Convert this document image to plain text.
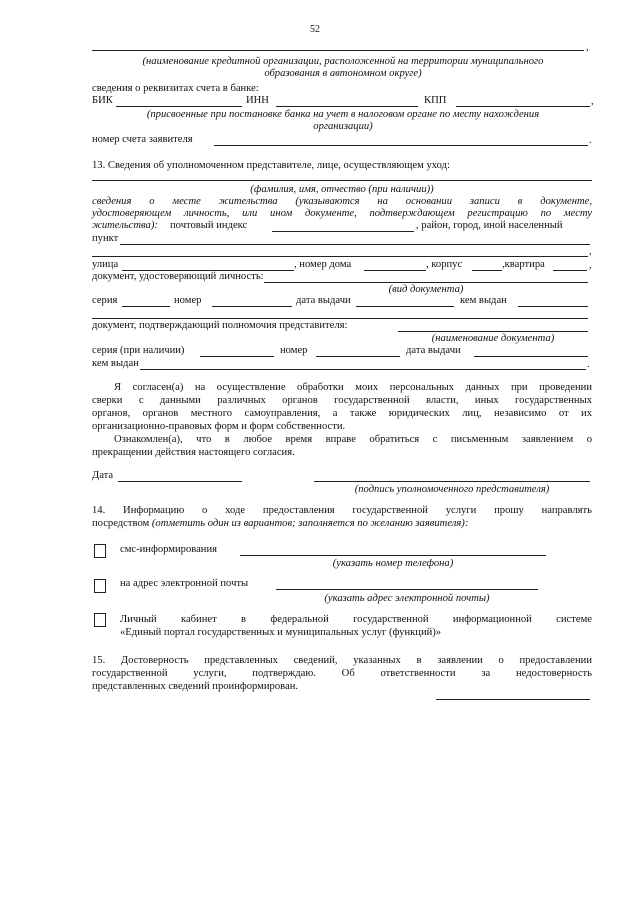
52
,
(наименование кредитной организации, расположенной на территории муниципального
образования в автономном округе)
сведения о реквизитах счета в банке:
БИК	ИНН	КПП	,
(присвоенные при постановке банка на учет в налоговом органе по месту нахождения
организации)
номер счета заявителя	.
13. Сведения об уполномоченном представителе, лице, осуществляющем уход:
(фамилия, имя, отчество (при наличии))
сведения о месте жительства (указываются на основании записи в документе,
удостоверяющем личность, или ином документе, подтверждающем регистрацию по месту
жительства): почтовый индекс	, район, город, иной населенный
пункт
,
улица	, номер дома	, корпус	,квартира	,
документ, удостоверяющий личность:
(вид документа)
серия	номер	дата выдачи	кем выдан
документ, подтверждающий полномочия представителя:
(наименование документа)
серия (при наличии)	номер	дата выдачи
кем выдан	.
Я согласен(а) на осуществление обработки моих персональных данных при проведении
сверки с данными различных органов государственной власти, иных государственных
органов, органов местного самоуправления, а также юридических лиц, независимо от их
организационно-правовых форм и форм собственности.
Ознакомлен(а), что в любое время вправе обратиться с письменным заявлением о
прекращении действия настоящего согласия.
Дата
(подпись уполномоченного представителя)
14. Информацию о ходе предоставления государственной услуги прошу направлять
посредством (отметить один из вариантов; заполняется по желанию заявителя):
смс-информирования
(указать номер телефона)
на адрес электронной почты
(указать адрес электронной почты)
Личный кабинет в федеральной государственной информационной системе
«Единый портал государственных и муниципальных услуг (функций)»
15. Достоверность представленных сведений, указанных в заявлении о предоставлении
государственной услуги, подтверждаю. Об ответственности за недостоверность
представленных сведений проинформирован.
